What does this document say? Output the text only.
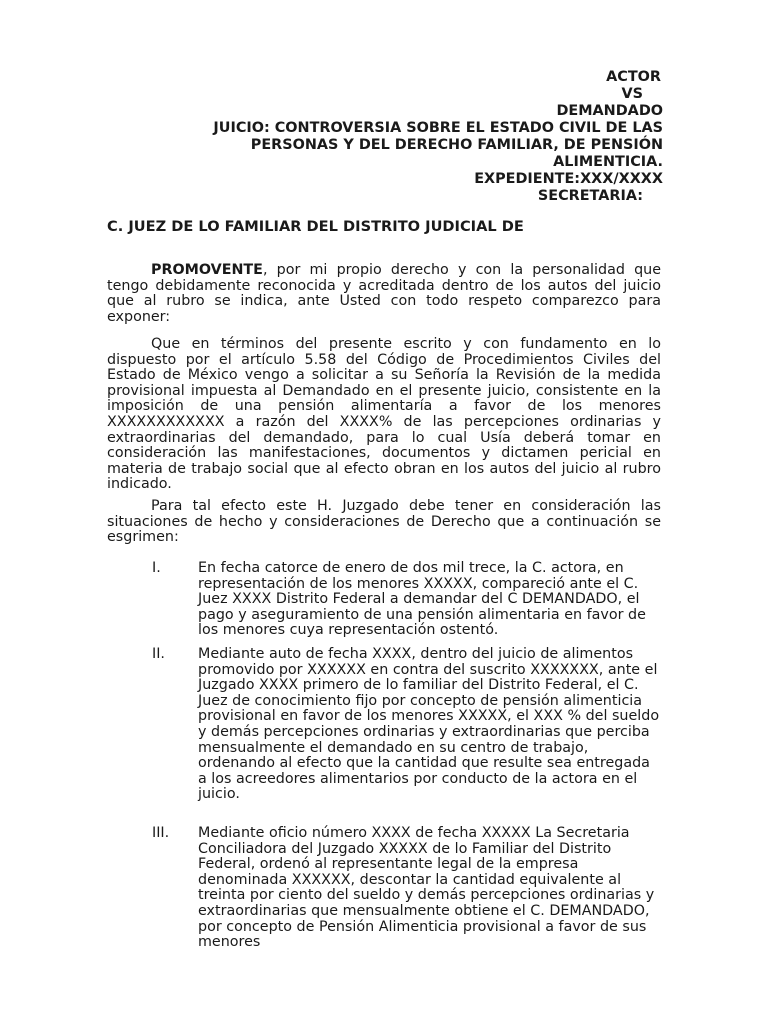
ACTOR
VS
DEMANDADO
JUICIO: CONTROVERSIA SOBRE EL ESTADO CIVIL DE LAS PERSONAS Y DEL DERECHO FAMILIAR, DE PENSIÓN ALIMENTICIA.
EXPEDIENTE:XXX/XXXX
SECRETARIA:
C. JUEZ DE LO FAMILIAR DEL DISTRITO JUDICIAL DE
PROMOVENTE, por mi propio derecho y con la personalidad que tengo debidamente reconocida y acreditada dentro de los autos del juicio que al rubro se indica, ante Usted con todo respeto comparezco para exponer:
Que en términos del presente escrito y con fundamento en lo dispuesto por el artículo 5.58 del Código de Procedimientos Civiles del Estado de México vengo a solicitar a su Señoría la Revisión de la medida provisional impuesta al Demandado en el presente juicio, consistente en la imposición de una pensión alimentaría a favor de los menores XXXXXXXXXXXX a razón del XXXX% de las percepciones ordinarias y extraordinarias del demandado, para lo cual Usía deberá tomar en consideración las manifestaciones, documentos y dictamen pericial en materia de trabajo social que al efecto obran en los autos del juicio al rubro indicado.
Para tal efecto este H. Juzgado debe tener en consideración las situaciones de hecho y consideraciones de Derecho que a continuación se esgrimen:
I.	En fecha catorce de enero de dos mil trece, la C. actora, en representación de los menores XXXXX, compareció ante el C. Juez XXXX Distrito Federal a demandar del C DEMANDADO, el pago y aseguramiento de una pensión alimentaria en favor de los menores cuya representación ostentó.
II.	Mediante auto de fecha XXXX, dentro del juicio de alimentos promovido por XXXXXX en contra del suscrito XXXXXXX, ante el Juzgado XXXX primero de lo familiar del Distrito Federal, el C. Juez de conocimiento fijo por concepto de pensión alimenticia provisional en favor de los menores XXXXX, el XXX % del sueldo y demás percepciones ordinarias y extraordinarias que perciba mensualmente el demandado en su centro de trabajo, ordenando al efecto que la cantidad que resulte sea entregada a los acreedores alimentarios por conducto de la actora en el juicio.
III.	Mediante oficio número XXXX de fecha XXXXX La Secretaria Conciliadora del Juzgado XXXXX de lo Familiar del Distrito Federal, ordenó al representante legal de la empresa denominada XXXXXX, descontar la cantidad equivalente al treinta por ciento del sueldo y demás percepciones ordinarias y extraordinarias que mensualmente obtiene el C. DEMANDADO, por concepto de Pensión Alimenticia provisional a favor de sus menores
